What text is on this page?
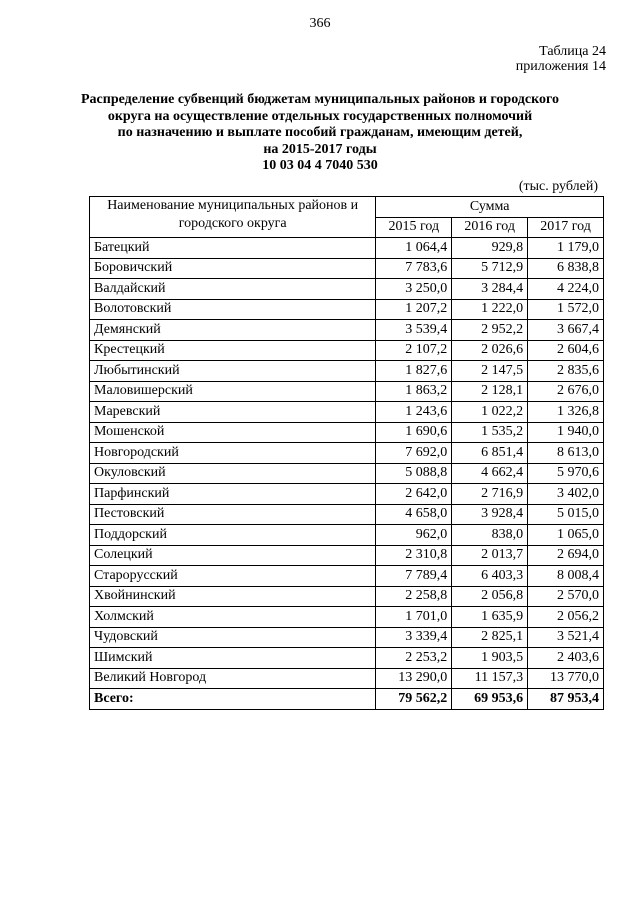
366
Таблица 24
приложения 14
Распределение субвенций бюджетам муниципальных районов и городского
округа на осуществление отдельных государственных полномочий
по назначению и выплате пособий гражданам, имеющим детей,
на 2015-2017 годы
10 03 04 4 7040 530
(тыс. рублей)
Наименование муниципальных районов и городского округа	Сумма		
	2015 год	2016 год	2017 год
Батецкий	1 064,4	929,8	1 179,0
Боровичский	7 783,6	5 712,9	6 838,8
Валдайский	3 250,0	3 284,4	4 224,0
Волотовский	1 207,2	1 222,0	1 572,0
Демянский	3 539,4	2 952,2	3 667,4
Крестецкий	2 107,2	2 026,6	2 604,6
Любытинский	1 827,6	2 147,5	2 835,6
Маловишерский	1 863,2	2 128,1	2 676,0
Маревский	1 243,6	1 022,2	1 326,8
Мошенской	1 690,6	1 535,2	1 940,0
Новгородский	7 692,0	6 851,4	8 613,0
Окуловский	5 088,8	4 662,4	5 970,6
Парфинский	2 642,0	2 716,9	3 402,0
Пестовский	4 658,0	3 928,4	5 015,0
Поддорский	962,0	838,0	1 065,0
Солецкий	2 310,8	2 013,7	2 694,0
Старорусский	7 789,4	6 403,3	8 008,4
Хвойнинский	2 258,8	2 056,8	2 570,0
Холмский	1 701,0	1 635,9	2 056,2
Чудовский	3 339,4	2 825,1	3 521,4
Шимский	2 253,2	1 903,5	2 403,6
Великий Новгород	13 290,0	11 157,3	13 770,0
Всего:	79 562,2	69 953,6	87 953,4
